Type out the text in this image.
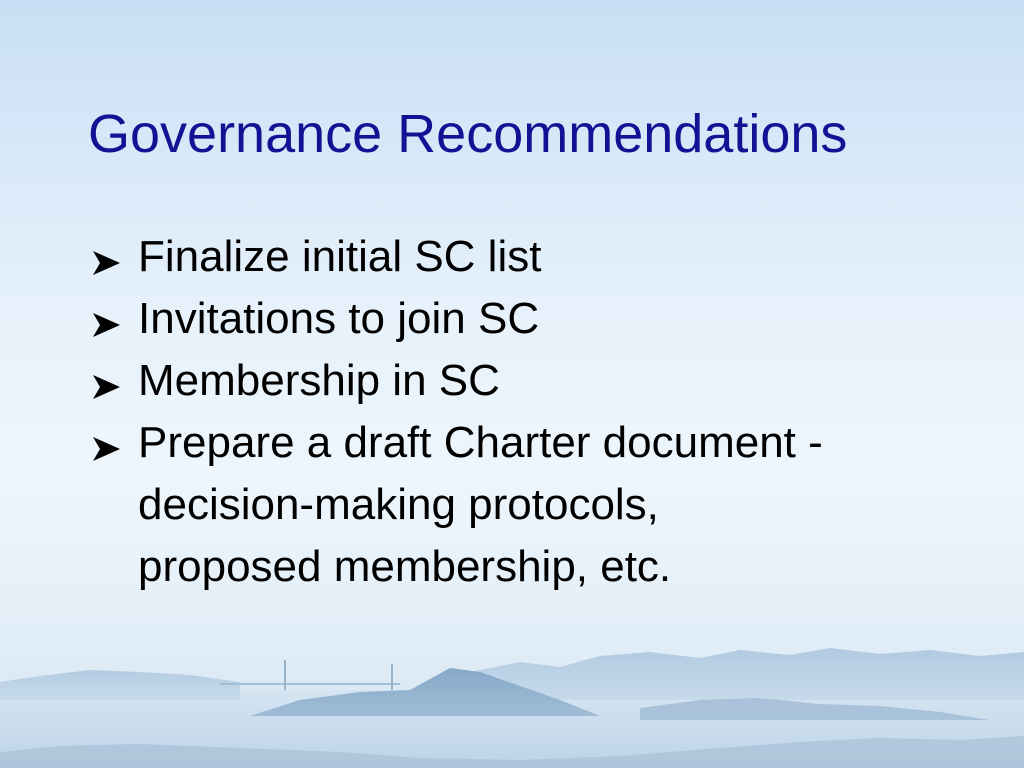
Governance Recommendations
Finalize initial SC list
Invitations to join SC
Membership in SC
Prepare a draft Charter document -
decision-making protocols,
proposed membership, etc.
